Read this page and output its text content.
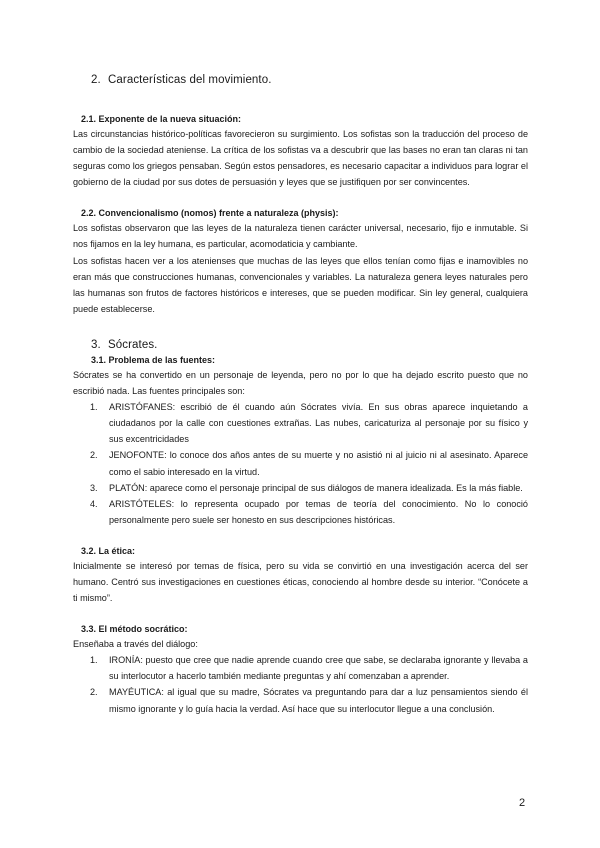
2. Características del movimiento.
2.1. Exponente de la nueva situación:

Las circunstancias histórico-políticas favorecieron su surgimiento. Los sofistas son la traducción del proceso de cambio de la sociedad ateniense. La crítica de los sofistas va a descubrir que las bases no eran tan claras ni tan seguras como los griegos pensaban. Según estos pensadores, es necesario capacitar a individuos para lograr el gobierno de la ciudad por sus dotes de persuasión y leyes que se justifiquen por ser convincentes.

2.2. Convencionalismo (nomos) frente a naturaleza (physis):

Los sofistas observaron que las leyes de la naturaleza tienen carácter universal, necesario, fijo e inmutable. Si nos fijamos en la ley humana, es particular, acomodaticia y cambiante.

Los sofistas hacen ver a los atenienses que muchas de las leyes que ellos tenían como fijas e inamovibles no eran más que construcciones humanas, convencionales y variables. La naturaleza genera leyes naturales pero las humanas son frutos de factores históricos e intereses, que se pueden modificar. Sin ley general, cualquiera puede establecerse.

3. Sócrates.
3.1. Problema de las fuentes:

Sócrates se ha convertido en un personaje de leyenda, pero no por lo que ha dejado escrito puesto que no escribió nada. Las fuentes principales son:

1. ARISTÓFANES: escribió de él cuando aún Sócrates vivía. En sus obras aparece inquietando a ciudadanos por la calle con cuestiones extrañas. Las nubes, caricaturiza al personaje por su físico y sus excentricidades
2. JENOFONTE: lo conoce dos años antes de su muerte y no asistió ni al juicio ni al asesinato. Aparece como el sabio interesado en la virtud.
3. PLATÓN: aparece como el personaje principal de sus diálogos de manera idealizada. Es la más fiable.
4. ARISTÓTELES: lo representa ocupado por temas de teoría del conocimiento. No lo conoció personalmente pero suele ser honesto en sus descripciones históricas.
3.2. La ética:

Inicialmente se interesó por temas de física, pero su vida se convirtió en una investigación acerca del ser humano. Centró sus investigaciones en cuestiones éticas, conociendo al hombre desde su interior. “Conócete a ti mismo”.

3.3. El método socrático:

Enseñaba a través del diálogo:

1. IRONÍA: puesto que cree que nadie aprende cuando cree que sabe, se declaraba ignorante y llevaba a su interlocutor a hacerlo también mediante preguntas y ahí comenzaban a aprender.
2. MAYÉUTICA: al igual que su madre, Sócrates va preguntando para dar a luz pensamientos siendo él mismo ignorante y lo guía hacia la verdad. Así hace que su interlocutor llegue a una conclusión.
2
